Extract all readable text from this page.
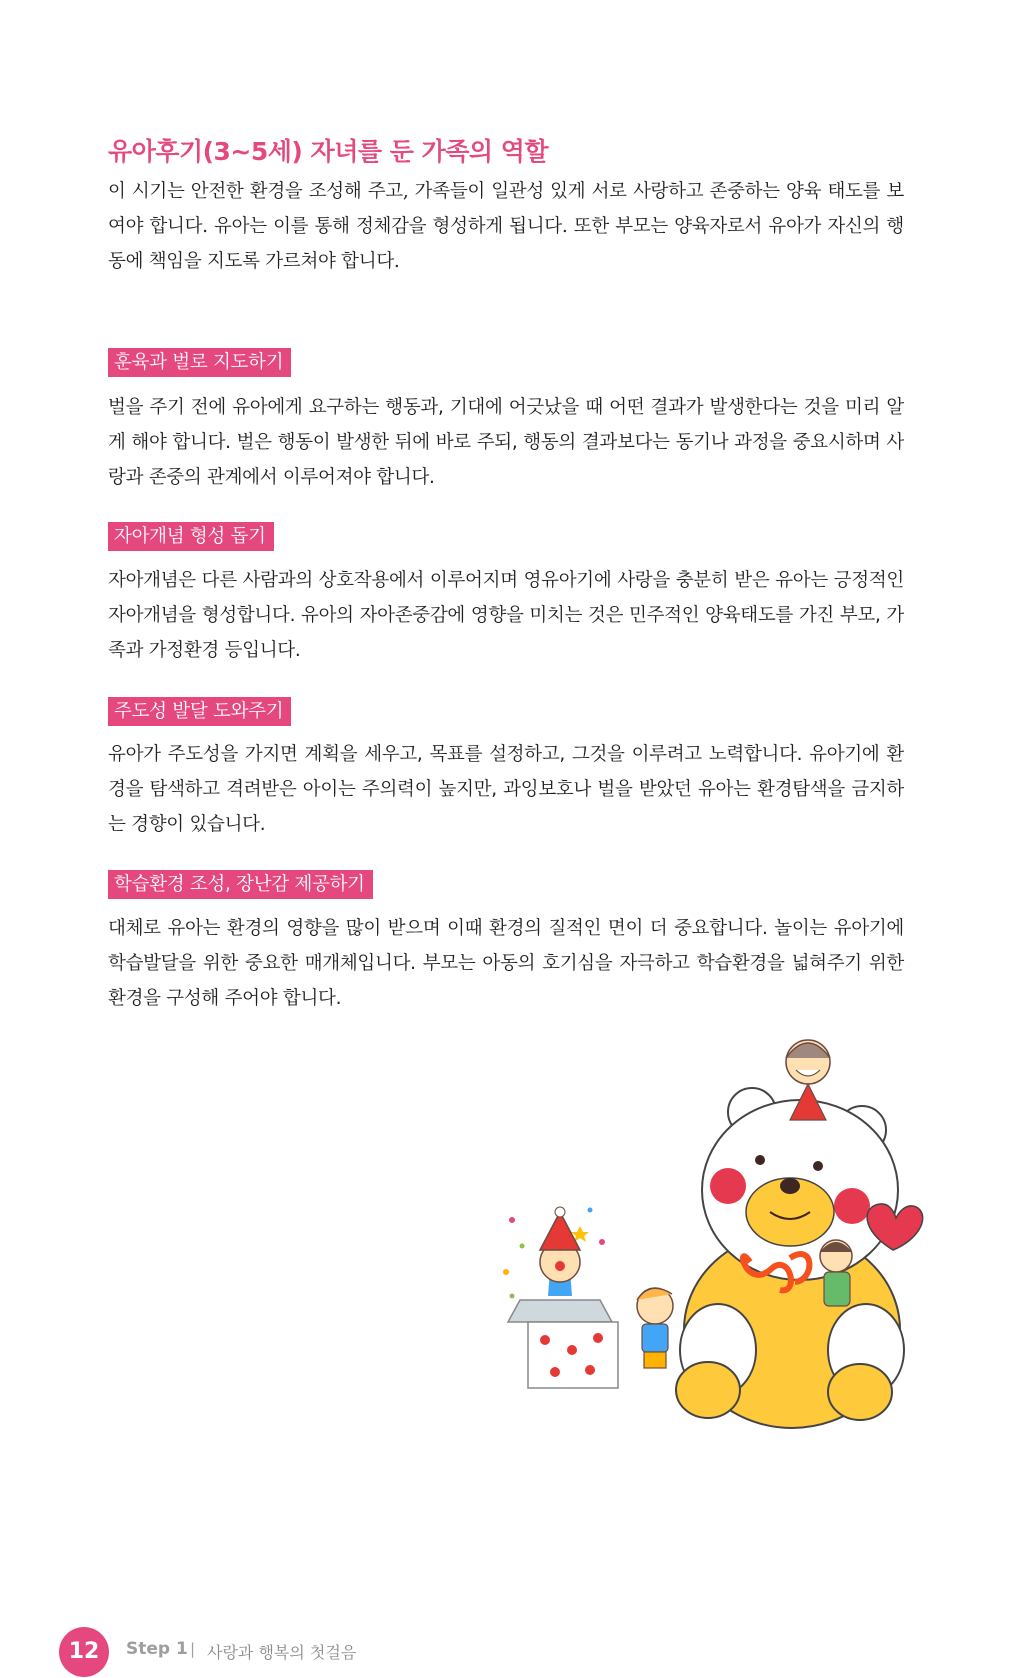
유아후기(3~5세) 자녀를 둔 가족의 역할
이 시기는 안전한 환경을 조성해 주고, 가족들이 일관성 있게 서로 사랑하고 존중하는 양육 태도를 보여야 합니다. 유아는 이를 통해 정체감을 형성하게 됩니다. 또한 부모는 양육자로서 유아가 자신의 행동에 책임을 지도록 가르쳐야 합니다.
훈육과 벌로 지도하기
벌을 주기 전에 유아에게 요구하는 행동과, 기대에 어긋났을 때 어떤 결과가 발생한다는 것을 미리 알게 해야 합니다. 벌은 행동이 발생한 뒤에 바로 주되, 행동의 결과보다는 동기나 과정을 중요시하며 사랑과 존중의 관계에서 이루어져야 합니다.
자아개념 형성 돕기
자아개념은 다른 사람과의 상호작용에서 이루어지며 영유아기에 사랑을 충분히 받은 유아는 긍정적인 자아개념을 형성합니다. 유아의 자아존중감에 영향을 미치는 것은 민주적인 양육태도를 가진 부모, 가족과 가정환경 등입니다.
주도성 발달 도와주기
유아가 주도성을 가지면 계획을 세우고, 목표를 설정하고, 그것을 이루려고 노력합니다. 유아기에 환경을 탐색하고 격려받은 아이는 주의력이 높지만, 과잉보호나 벌을 받았던 유아는 환경탐색을 금지하는 경향이 있습니다.
학습환경 조성, 장난감 제공하기
대체로 유아는 환경의 영향을 많이 받으며 이때 환경의 질적인 면이 더 중요합니다. 놀이는 유아기에 학습발달을 위한 중요한 매개체입니다. 부모는 아동의 호기심을 자극하고 학습환경을 넓혀주기 위한 환경을 구성해 주어야 합니다.
12	Step 1 | 사랑과 행복의 첫걸음
